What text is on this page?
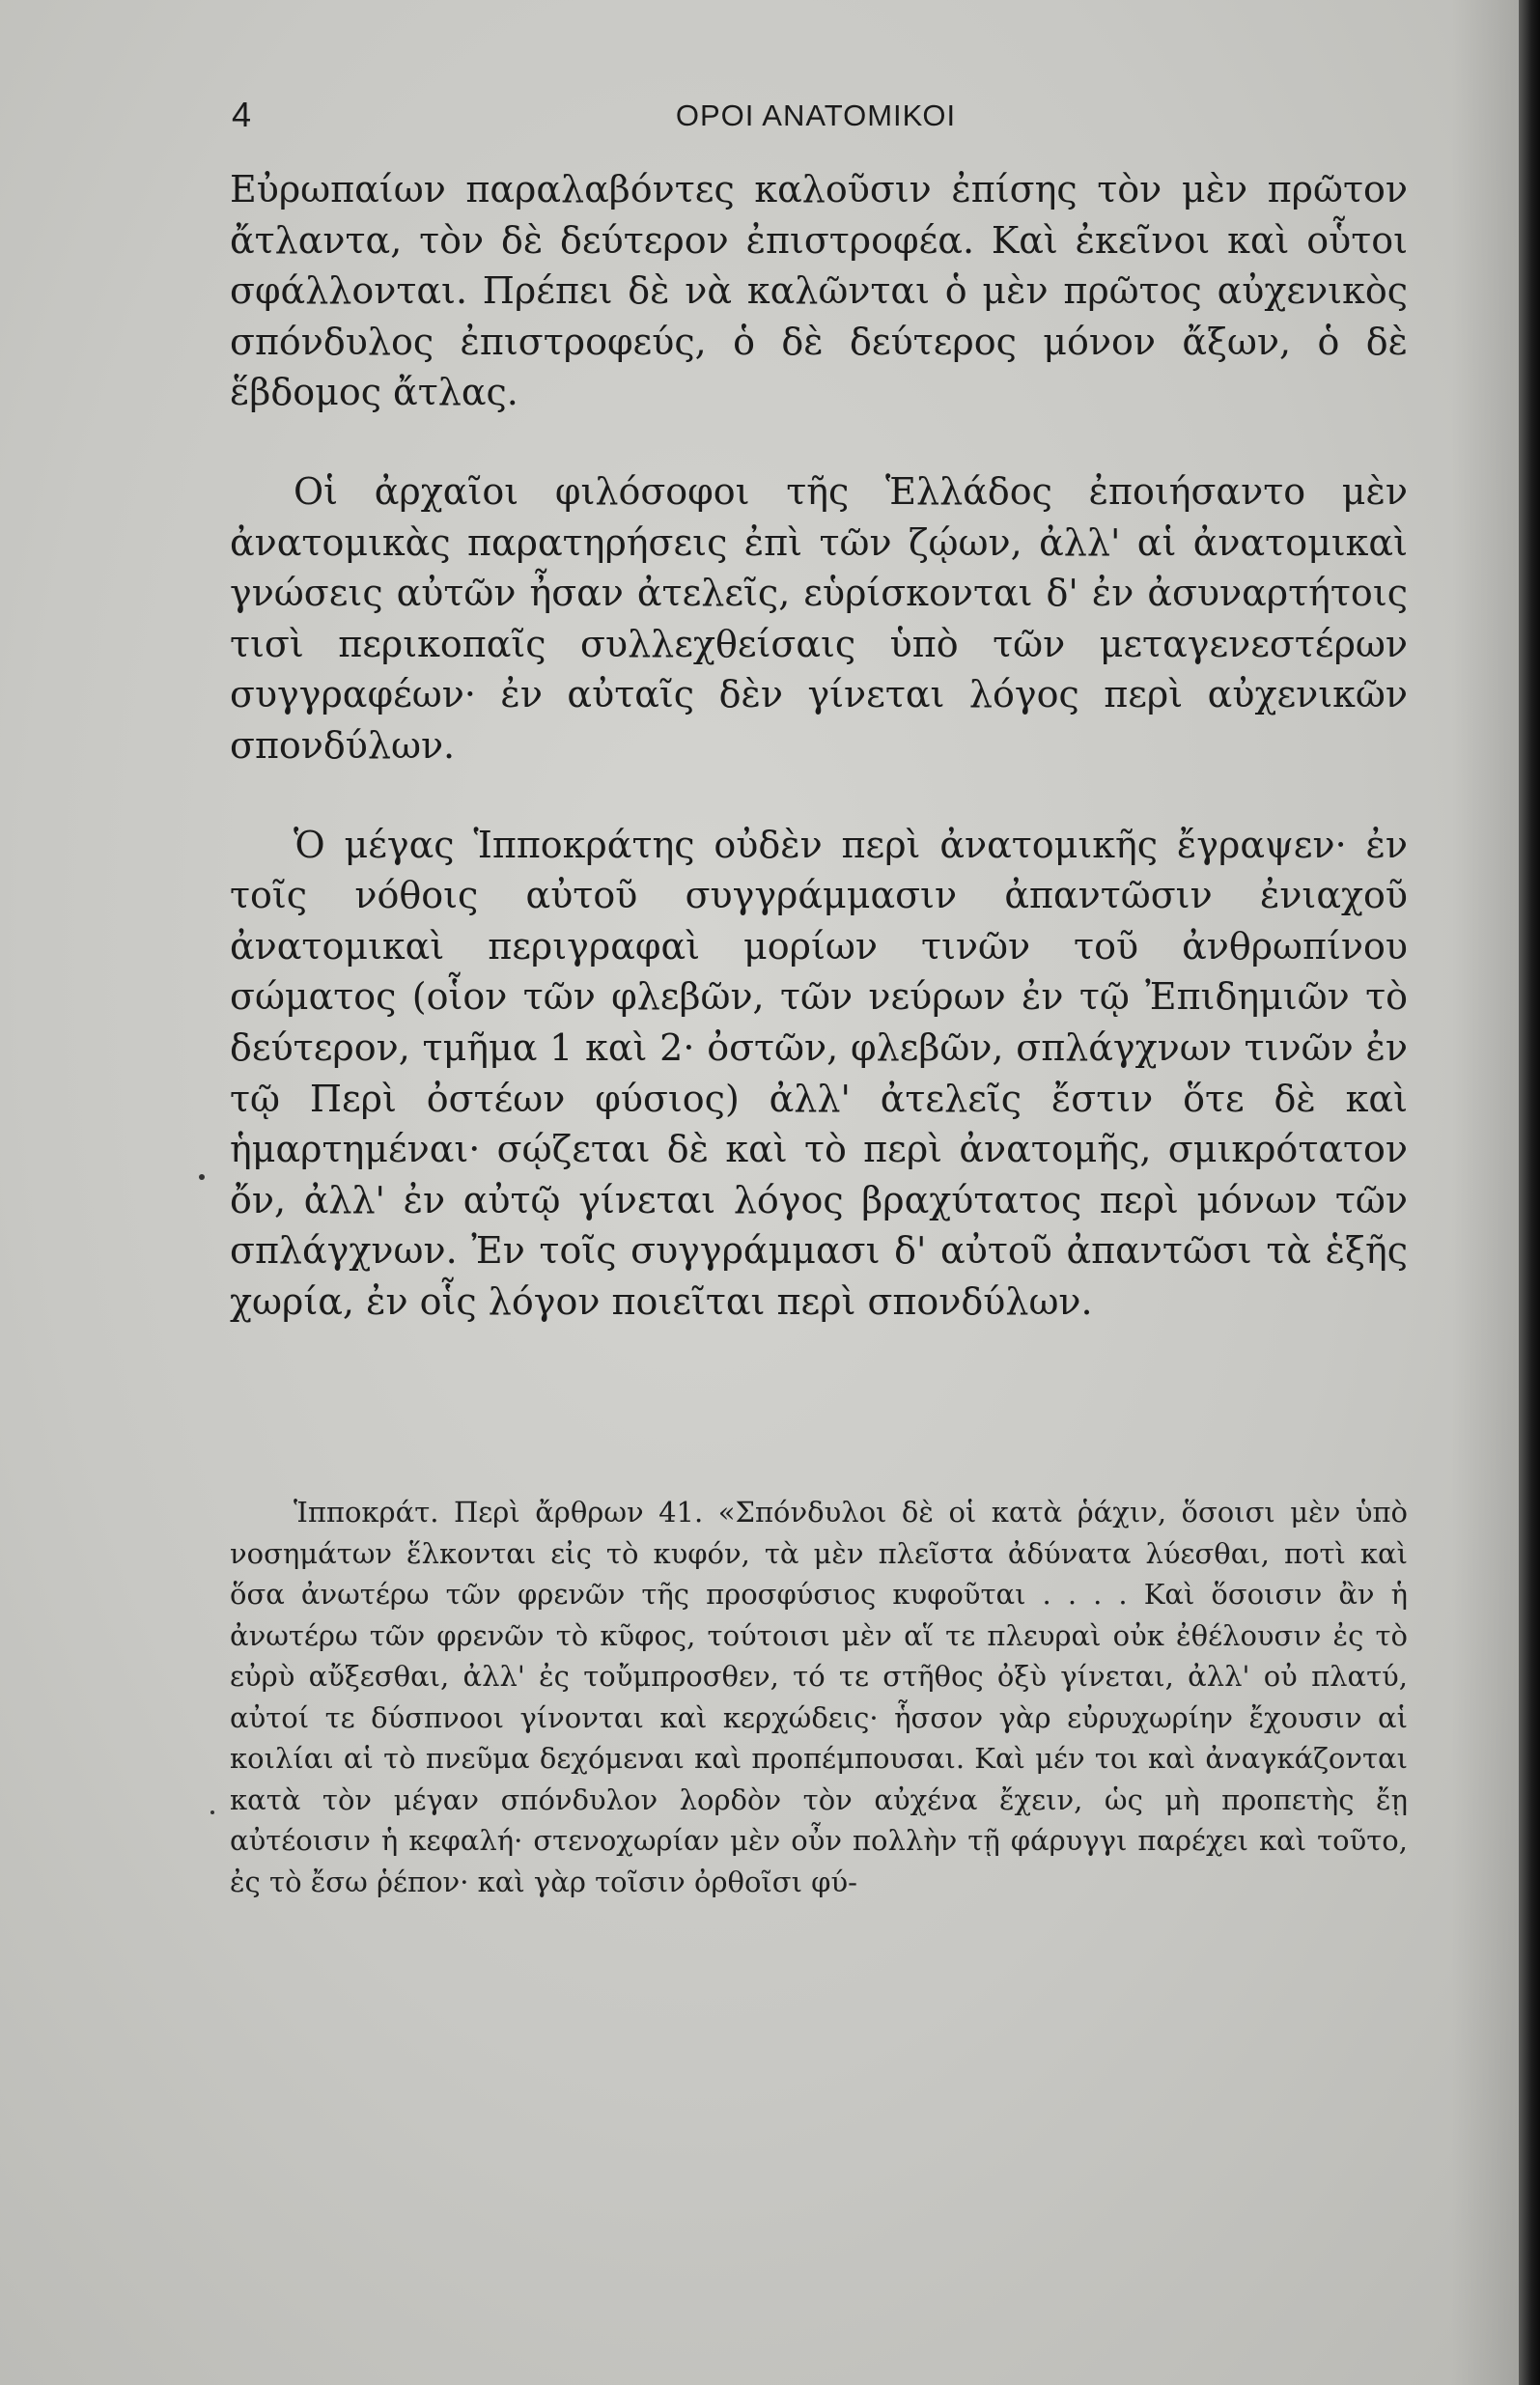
4	ΟΡΟΙ ΑΝΑΤΟΜΙΚΟΙ

Εὐρωπαίων παραλαβόντες καλοῦσιν ἐπίσης τὸν μὲν πρῶτον ἄτλαντα, τὸν δὲ δεύτερον ἐπιστροφέα. Καὶ ἐκεῖνοι καὶ οὗτοι σφάλλονται. Πρέπει δὲ νὰ καλῶνται ὁ μὲν πρῶτος αὐχενικὸς σπόνδυλος ἐπιστροφεύς, ὁ δὲ δεύτερος μόνον ἄξων, ὁ δὲ ἕβδομος ἄτλας.

Οἱ ἀρχαῖοι φιλόσοφοι τῆς Ἑλλάδος ἐποιήσαντο μὲν ἀνατομικὰς παρατηρήσεις ἐπὶ τῶν ζῴων, ἀλλ' αἱ ἀνατομικαὶ γνώσεις αὐτῶν ἦσαν ἀτελεῖς, εὑρίσκονται δ' ἐν ἀσυναρτήτοις τισὶ περικοπαῖς συλλεχθείσαις ὑπὸ τῶν μεταγενεστέρων συγγραφέων· ἐν αὐταῖς δὲν γίνεται λόγος περὶ αὐχενικῶν σπονδύλων.

Ὁ μέγας Ἱπποκράτης οὐδὲν περὶ ἀνατομικῆς ἔγραψεν· ἐν τοῖς νόθοις αὐτοῦ συγγράμμασιν ἀπαντῶσιν ἐνιαχοῦ ἀνατομικαὶ περιγραφαὶ μορίων τινῶν τοῦ ἀνθρωπίνου σώματος (οἷον τῶν φλεβῶν, τῶν νεύρων ἐν τῷ Ἐπιδημιῶν τὸ δεύτερον, τμῆμα 1 καὶ 2· ὀστῶν, φλεβῶν, σπλάγχνων τινῶν ἐν τῷ Περὶ ὀστέων φύσιος) ἀλλ' ἀτελεῖς ἔστιν ὅτε δὲ καὶ ἡμαρτημέναι· σῴζεται δὲ καὶ τὸ περὶ ἀνατομῆς, σμικρότατον ὄν, ἀλλ' ἐν αὐτῷ γίνεται λόγος βραχύτατος περὶ μόνων τῶν σπλάγχνων. Ἐν τοῖς συγγράμμασι δ' αὐτοῦ ἀπαντῶσι τὰ ἑξῆς χωρία, ἐν οἷς λόγον ποιεῖται περὶ σπονδύλων.

Ἱπποκράτ. Περὶ ἄρθρων 41. «Σπόνδυλοι δὲ οἱ κατὰ ῥάχιν, ὅσοισι μὲν ὑπὸ νοσημάτων ἕλκονται εἰς τὸ κυφόν, τὰ μὲν πλεῖστα ἀδύνατα λύεσθαι, ποτὶ καὶ ὅσα ἀνωτέρω τῶν φρενῶν τῆς προσφύσιος κυφοῦται . . . . Καὶ ὅσοισιν ἂν ἡ ἀνωτέρω τῶν φρενῶν τὸ κῦφος, τούτοισι μὲν αἵ τε πλευραὶ οὐκ ἐθέλουσιν ἐς τὸ εὐρὺ αὔξεσθαι, ἀλλ' ἐς τοὔμπροσθεν, τό τε στῆθος ὀξὺ γίνεται, ἀλλ' οὐ πλατύ, αὐτοί τε δύσπνοοι γίνονται καὶ κερχώδεις· ἧσσον γὰρ εὐρυχωρίην ἔχουσιν αἱ κοιλίαι αἱ τὸ πνεῦμα δεχόμεναι καὶ προπέμπουσαι. Καὶ μέν τοι καὶ ἀναγκάζονται κατὰ τὸν μέγαν σπόνδυλον λορδὸν τὸν αὐχένα ἔχειν, ὡς μὴ προπετὴς ἔῃ αὐτέοισιν ἡ κεφαλή· στενοχωρίαν μὲν οὖν πολλὴν τῇ φάρυγγι παρέχει καὶ τοῦτο, ἐς τὸ ἔσω ῥέπον· καὶ γὰρ τοῖσιν ὀρθοῖσι φύ-
